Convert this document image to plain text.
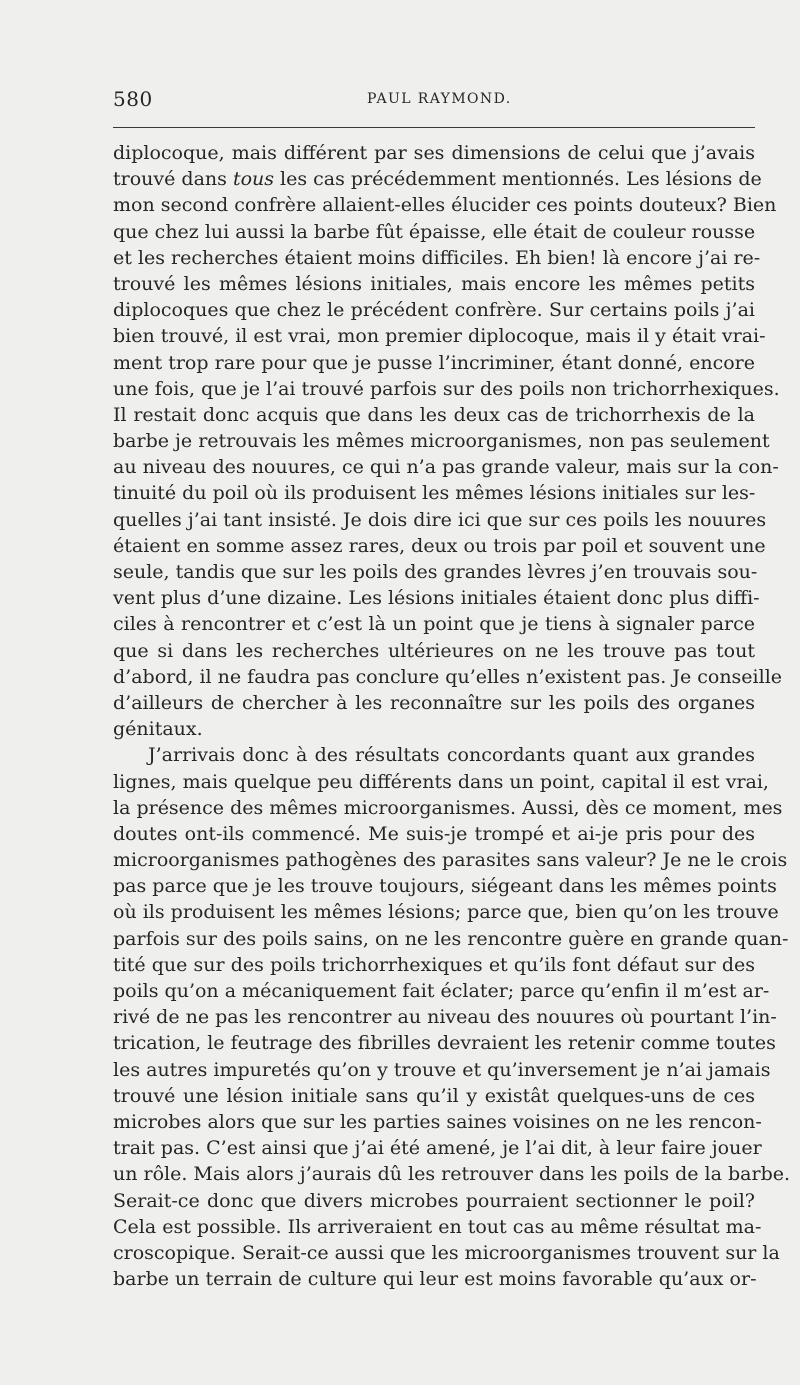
580	PAUL RAYMOND.
diplocoque, mais différent par ses dimensions de celui que j’avais
trouvé dans tous les cas précédemment mentionnés. Les lésions de
mon second confrère allaient-elles élucider ces points douteux? Bien
que chez lui aussi la barbe fût épaisse, elle était de couleur rousse
et les recherches étaient moins difficiles. Eh bien! là encore j’ai re-
trouvé les mêmes lésions initiales, mais encore les mêmes petits
diplocoques que chez le précédent confrère. Sur certains poils j’ai
bien trouvé, il est vrai, mon premier diplocoque, mais il y était vrai-
ment trop rare pour que je pusse l’incriminer, étant donné, encore
une fois, que je l’ai trouvé parfois sur des poils non trichorrhexiques.
Il restait donc acquis que dans les deux cas de trichorrhexis de la
barbe je retrouvais les mêmes microorganismes, non pas seulement
au niveau des nouures, ce qui n’a pas grande valeur, mais sur la con-
tinuité du poil où ils produisent les mêmes lésions initiales sur les-
quelles j’ai tant insisté. Je dois dire ici que sur ces poils les nouures
étaient en somme assez rares, deux ou trois par poil et souvent une
seule, tandis que sur les poils des grandes lèvres j’en trouvais sou-
vent plus d’une dizaine. Les lésions initiales étaient donc plus diffi-
ciles à rencontrer et c’est là un point que je tiens à signaler parce
que si dans les recherches ultérieures on ne les trouve pas tout
d’abord, il ne faudra pas conclure qu’elles n’existent pas. Je conseille
d’ailleurs de chercher à les reconnaître sur les poils des organes
génitaux.
J’arrivais donc à des résultats concordants quant aux grandes
lignes, mais quelque peu différents dans un point, capital il est vrai,
la présence des mêmes microorganismes. Aussi, dès ce moment, mes
doutes ont-ils commencé. Me suis-je trompé et ai-je pris pour des
microorganismes pathogènes des parasites sans valeur? Je ne le crois
pas parce que je les trouve toujours, siégeant dans les mêmes points
où ils produisent les mêmes lésions; parce que, bien qu’on les trouve
parfois sur des poils sains, on ne les rencontre guère en grande quan-
tité que sur des poils trichorrhexiques et qu’ils font défaut sur des
poils qu’on a mécaniquement fait éclater; parce qu’enfin il m’est ar-
rivé de ne pas les rencontrer au niveau des nouures où pourtant l’in-
trication, le feutrage des fibrilles devraient les retenir comme toutes
les autres impuretés qu’on y trouve et qu’inversement je n’ai jamais
trouvé une lésion initiale sans qu’il y existât quelques-uns de ces
microbes alors que sur les parties saines voisines on ne les rencon-
trait pas. C’est ainsi que j’ai été amené, je l’ai dit, à leur faire jouer
un rôle. Mais alors j’aurais dû les retrouver dans les poils de la barbe.
Serait-ce donc que divers microbes pourraient sectionner le poil?
Cela est possible. Ils arriveraient en tout cas au même résultat ma-
croscopique. Serait-ce aussi que les microorganismes trouvent sur la
barbe un terrain de culture qui leur est moins favorable qu’aux or-
